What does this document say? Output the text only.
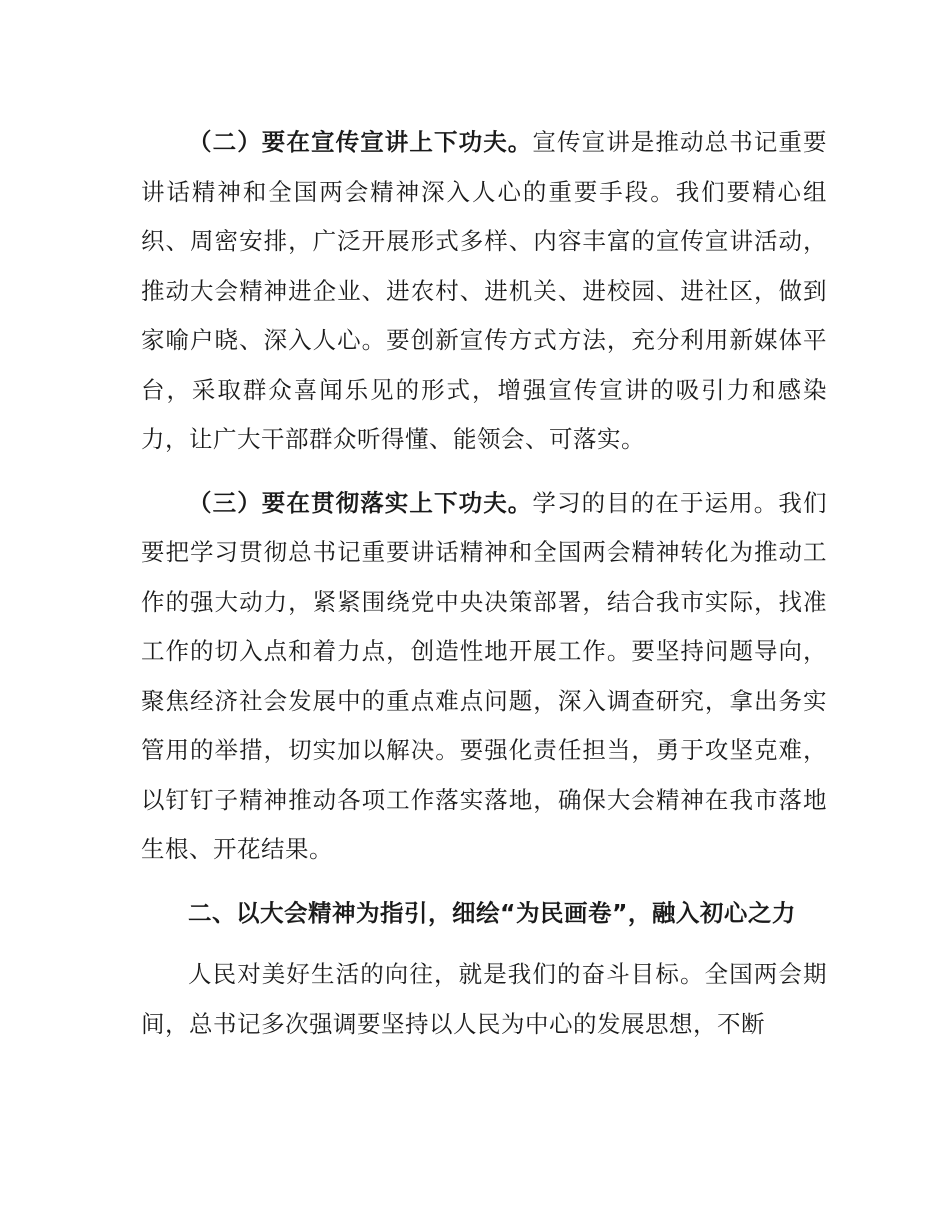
（二）要在宣传宣讲上下功夫。宣传宣讲是推动总书记重要讲话精神和全国两会精神深入人心的重要手段。我们要精心组织、周密安排，广泛开展形式多样、内容丰富的宣传宣讲活动，推动大会精神进企业、进农村、进机关、进校园、进社区，做到家喻户晓、深入人心。要创新宣传方式方法，充分利用新媒体平台，采取群众喜闻乐见的形式，增强宣传宣讲的吸引力和感染力，让广大干部群众听得懂、能领会、可落实。

（三）要在贯彻落实上下功夫。学习的目的在于运用。我们要把学习贯彻总书记重要讲话精神和全国两会精神转化为推动工作的强大动力，紧紧围绕党中央决策部署，结合我市实际，找准工作的切入点和着力点，创造性地开展工作。要坚持问题导向，聚焦经济社会发展中的重点难点问题，深入调查研究，拿出务实管用的举措，切实加以解决。要强化责任担当，勇于攻坚克难，以钉钉子精神推动各项工作落实落地，确保大会精神在我市落地生根、开花结果。

二、以大会精神为指引，细绘“为民画卷”，融入初心之力

人民对美好生活的向往，就是我们的奋斗目标。全国两会期间，总书记多次强调要坚持以人民为中心的发展思想，不断
